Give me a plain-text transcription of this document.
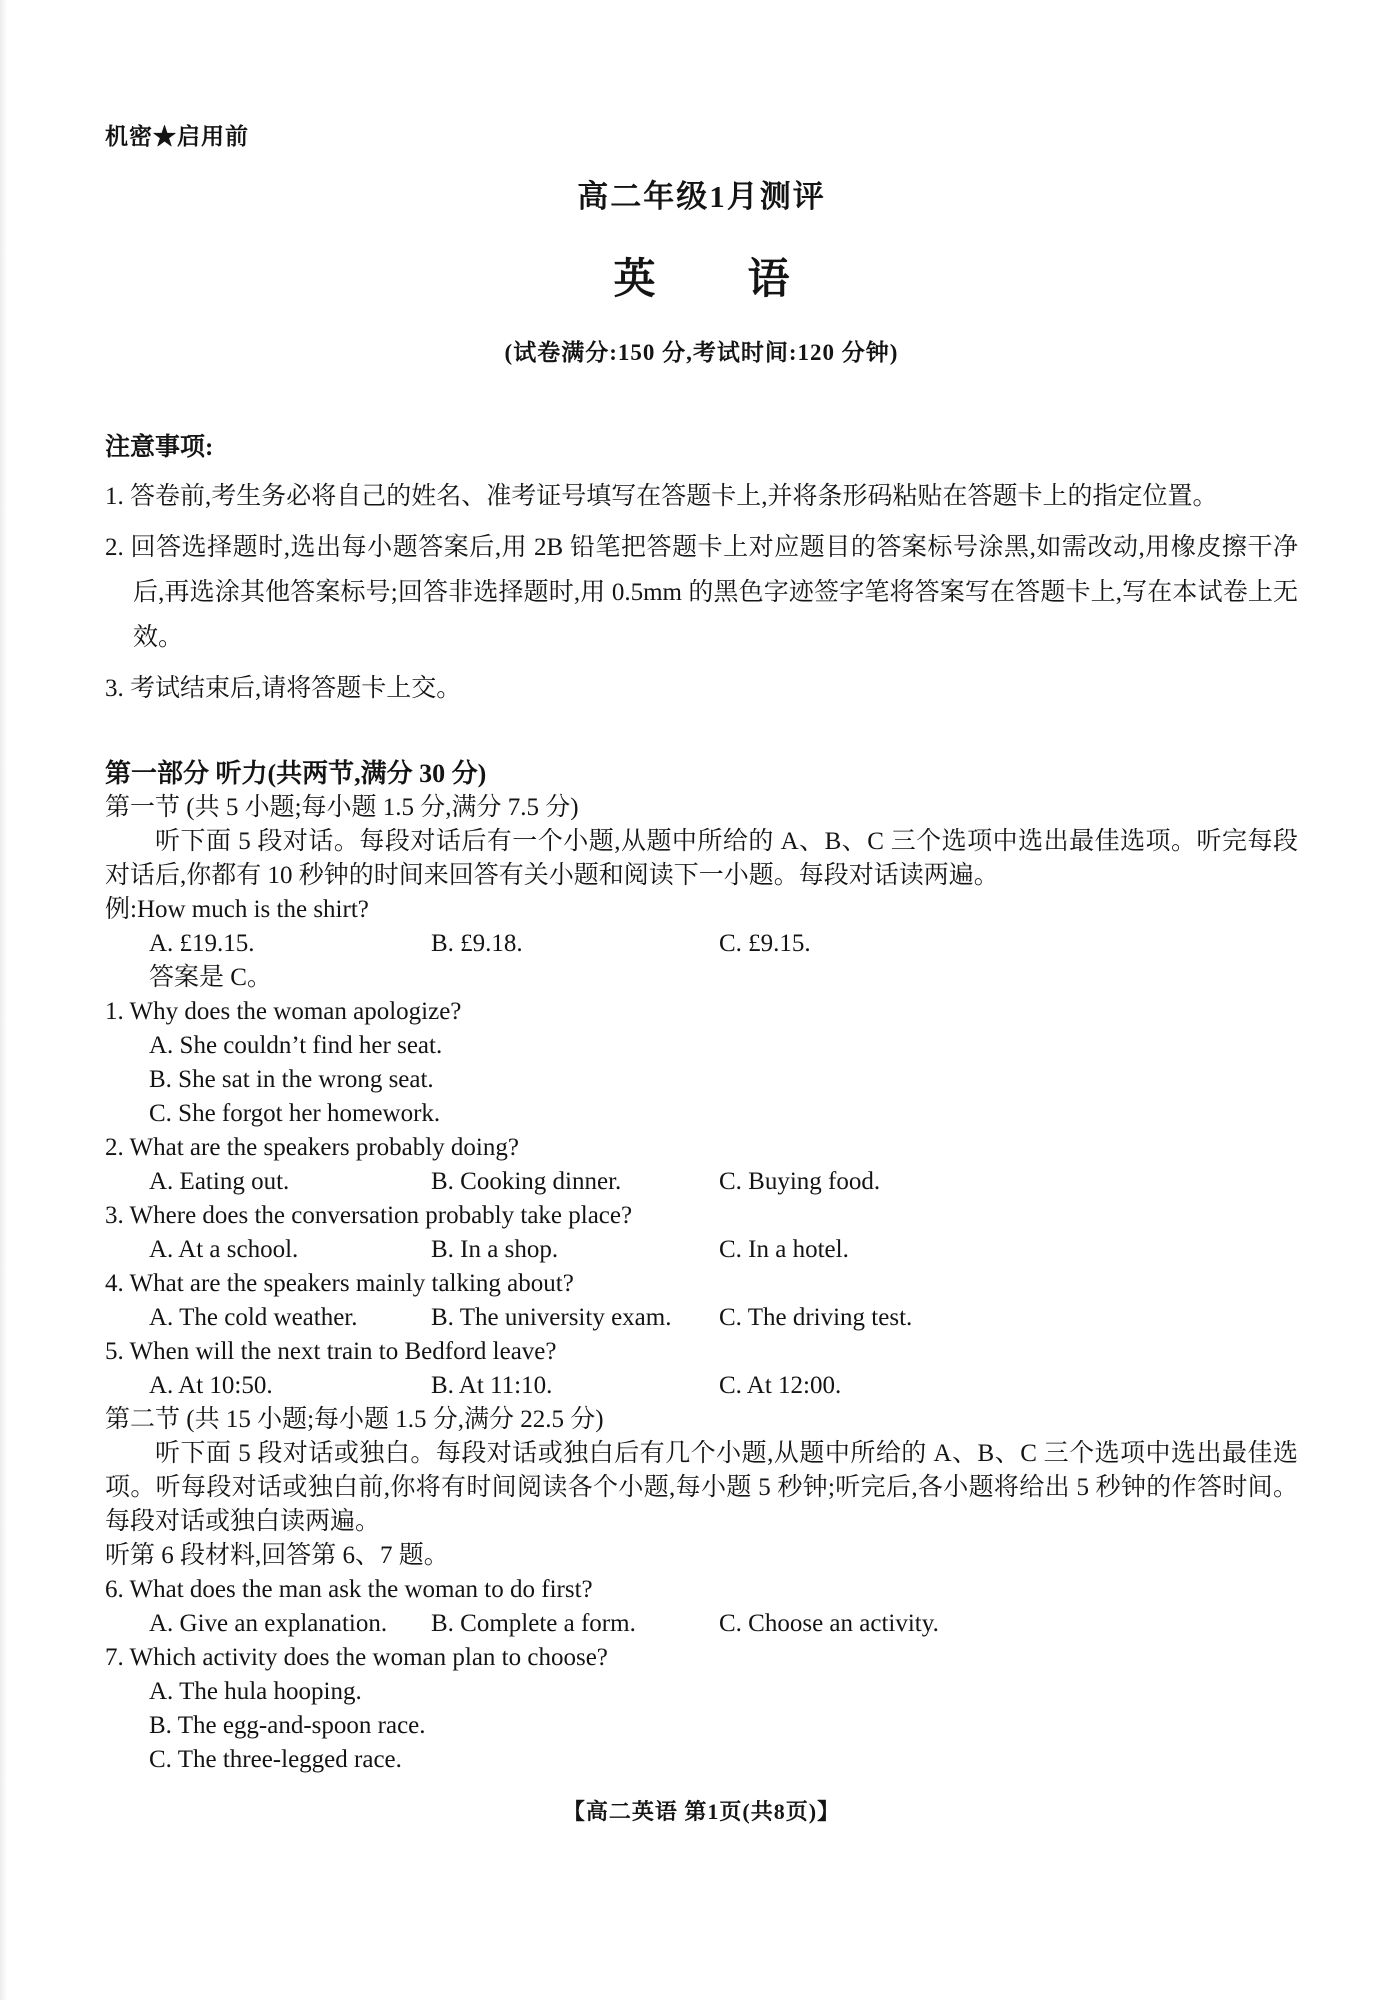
机密★启用前
高二年级1月测评
英 语
(试卷满分:150 分,考试时间:120 分钟)
注意事项:
1. 答卷前,考生务必将自己的姓名、准考证号填写在答题卡上,并将条形码粘贴在答题卡上的指定位置。
2. 回答选择题时,选出每小题答案后,用 2B 铅笔把答题卡上对应题目的答案标号涂黑,如需改动,用橡皮擦干净后,再选涂其他答案标号;回答非选择题时,用 0.5mm 的黑色字迹签字笔将答案写在答题卡上,写在本试卷上无效。
3. 考试结束后,请将答题卡上交。
第一部分 听力(共两节,满分 30 分)
第一节 (共 5 小题;每小题 1.5 分,满分 7.5 分)
听下面 5 段对话。每段对话后有一个小题,从题中所给的 A、B、C 三个选项中选出最佳选项。听完每段对话后,你都有 10 秒钟的时间来回答有关小题和阅读下一小题。每段对话读两遍。
例:How much is the shirt?
A. £19.15.	B. £9.18.	C. £9.15.
答案是 C。
1. Why does the woman apologize?
A. She couldn’t find her seat.
B. She sat in the wrong seat.
C. She forgot her homework.
2. What are the speakers probably doing?
A. Eating out.	B. Cooking dinner.	C. Buying food.
3. Where does the conversation probably take place?
A. At a school.	B. In a shop.	C. In a hotel.
4. What are the speakers mainly talking about?
A. The cold weather.	B. The university exam.	C. The driving test.
5. When will the next train to Bedford leave?
A. At 10:50.	B. At 11:10.	C. At 12:00.
第二节 (共 15 小题;每小题 1.5 分,满分 22.5 分)
听下面 5 段对话或独白。每段对话或独白后有几个小题,从题中所给的 A、B、C 三个选项中选出最佳选项。听每段对话或独白前,你将有时间阅读各个小题,每小题 5 秒钟;听完后,各小题将给出 5 秒钟的作答时间。每段对话或独白读两遍。
听第 6 段材料,回答第 6、7 题。
6. What does the man ask the woman to do first?
A. Give an explanation.	B. Complete a form.	C. Choose an activity.
7. Which activity does the woman plan to choose?
A. The hula hooping.
B. The egg-and-spoon race.
C. The three-legged race.
【高二英语 第1页(共8页)】
